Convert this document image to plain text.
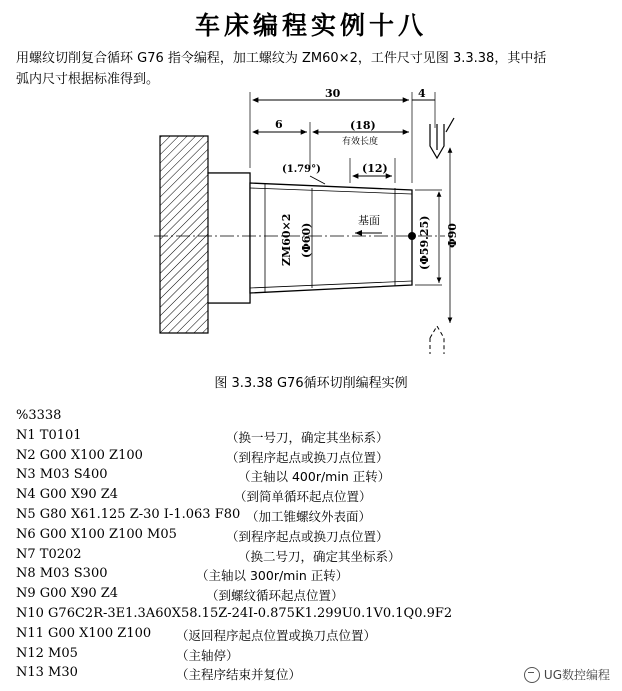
车床编程实例十八
用螺纹切削复合循环 G76 指令编程，加工螺纹为 ZM60×2，工件尺寸见图 3.3.38，其中括
弧内尺寸根据标准得到。
基面
30	4
6	(18)
有效长度
(1.79°)	(12)
ZM60×2 (Φ60)	(Φ59.25) Φ90
图 3.3.38 G76循环切削编程实例
%3338
N1 T0101	（换一号刀，确定其坐标系）
N2 G00 X100 Z100	（到程序起点或换刀点位置）
N3 M03 S400	（主轴以 400r/min 正转）
N4 G00 X90 Z4	（到简单循环起点位置）
N5 G80 X61.125 Z-30 I-1.063 F80 （加工锥螺纹外表面）
N6 G00 X100 Z100 M05	（到程序起点或换刀点位置）
N7 T0202	（换二号刀，确定其坐标系）
N8 M03 S300	（主轴以 300r/min 正转）
N9 G00 X90 Z4	（到螺纹循环起点位置）
N10 G76C2R-3E1.3A60X58.15Z-24I-0.875K1.299U0.1V0.1Q0.9F2
N11 G00 X100 Z100 （返回程序起点位置或换刀点位置）
N12 M05	（主轴停）
N13 M30	（主程序结束并复位）	UG数控编程
